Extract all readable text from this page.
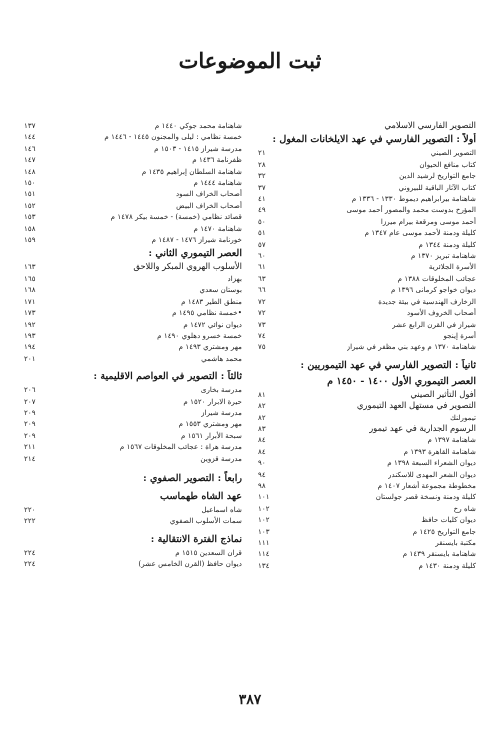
ثبت الموضوعات
التصوير الفارسي الاسلامي
أولاً : التصوير الفارسي في عهد الايلخانات المغول :
التصوير الصيني
٢١
كتاب منافع الحيوان
٢٨
جامع التواريخ لرشيد الدين
٣٢
كتاب الآثار الباقية للبيروني
٣٧
شاهنامة بيرابراهيم ديموط ١٣٣٠ - ١٣٣٦ م
٤١
المؤرخ بدوست محمد والمصور أحمد موسى
٤٩
أحمد موسى ومرقعة بيرام ميرزا
٥٠
كليلة ودمنة لأحمد موسى عام ١٣٤٧ م
٥١
كليلة ودمنة ١٣٤٤ م
٥٧
شاهنامة تبريز ١٣٧٠ م
٦٠
الأسرة الجلائرية
٦١
عجائب المخلوقات ١٣٨٨ م
٦٣
ديوان خواجو كرمانى ١٣٩٦ م
٦٦
الزخارف الهندسية في بيئة جديدة
٧٢
أصحاب الخروف الأسود
٧٢
شيراز في القرن الرابع عشر
٧٣
أسرة إينجو
٧٤
شاهنامة ١٣٧٠ م وعهد بني مظفر في شيراز
٧٥
ثانياً : التصوير الفارسي في عهد التيموريين :
العصر التيموري الأول ١٤٠٠ - ١٤٥٠ م
أفول التأثير الصيني
٨١
التصوير في مستهل العهد التيموري
٨٢
تيمورلنك
٨٢
الرسوم الجدارية في عهد تيمور
٨٣
شاهنامة ١٣٩٧ م
٨٤
شاهنامة القاهرة ١٣٩٣ م
٨٤
ديوان الشعراء السبعة ١٣٩٨ م
٩٠
ديوان الشعر المهدى للاسكندر
٩٤
مخطوطة مجموعة أشعار ١٤٠٧ م
٩٨
كليلة ودمنة ونسخة قصر جولستان
١٠١
شاه رخ
١٠٢
ديوان كليات حافظ
١٠٢
جامع التواريخ ١٤٢٥ م
١٠٣
مكتبة بايسنقر
١١١
شاهنامة بايسنقر ١٤٣٩ م
١١٤
كليلة ودمنة ١٤٣٠ م
١٣٤
شاهنامة محمد جوكي ١٤٤٠ م
١٣٧
خمسة نظامي : ليلى والمجنون ١٤٤٥ - ١٤٤٦ م
١٤٤
مدرسة شيراز ١٤١٥ - ١٥٠٣ م
١٤٦
ظفرنامة ١٤٣٦ م
١٤٧
شاهنامة السلطان إبراهيم ١٤٣٥ م
١٤٨
شاهنامة ١٤٤٤ م
١٥٠
أصحاب الخراف السود
١٥١
أصحاب الخراف البيض
١٥٢
قصائد نظامي (خمسة) - خمسة بيكر ١٤٧٨ م
١٥٣
شاهنامة ١٤٧٠ م
١٥٨
خورنامة شيراز ١٤٧٦ - ١٤٨٧ م
١٥٩
العصر التيموري الثاني :
الأسلوب الهروي المبكر واللاحق
١٦٣
بهزاد
١٦٥
بوستان سعدي
١٦٨
منطق الطير ١٤٨٣ م
١٧١
• خمسة نظامي ١٤٩٥ م
١٧٣
ديوان نوائي ١٤٧٢ م
١٩٢
خمسة خسرو دهلوي ١٤٩٠ م
١٩٣
مهر ومشتري ١٤٩٣ م
١٩٤
محمد هاشمي
٢٠١
ثالثاً : التصوير في العواصم الاقليمية :
مدرسة بخارى
٢٠٦
حيرة الابرار ١٥٢٠ م
٢٠٧
مدرسة شيراز
٢٠٩
مهر ومشتري ١٥٥٣ م
٢٠٩
سبحة الأبرار ١٥٦١ م
٢٠٩
مدرسة هراة : عجائب المخلوقات ١٥٦٧ م
٢١١
مدرسة قزوين
٢١٤
رابعاً : التصوير الصفوي :
عهد الشاه طهماسب
شاه اسماعيل
٢٢٠
سمات الأسلوب الصفوي
٢٢٢
نماذج الفترة الانتقالية :
قران السعدين ١٥١٥ م
٢٢٤
ديوان حافظ (القرن الخامس عشر)
٢٢٤
٣٨٧
